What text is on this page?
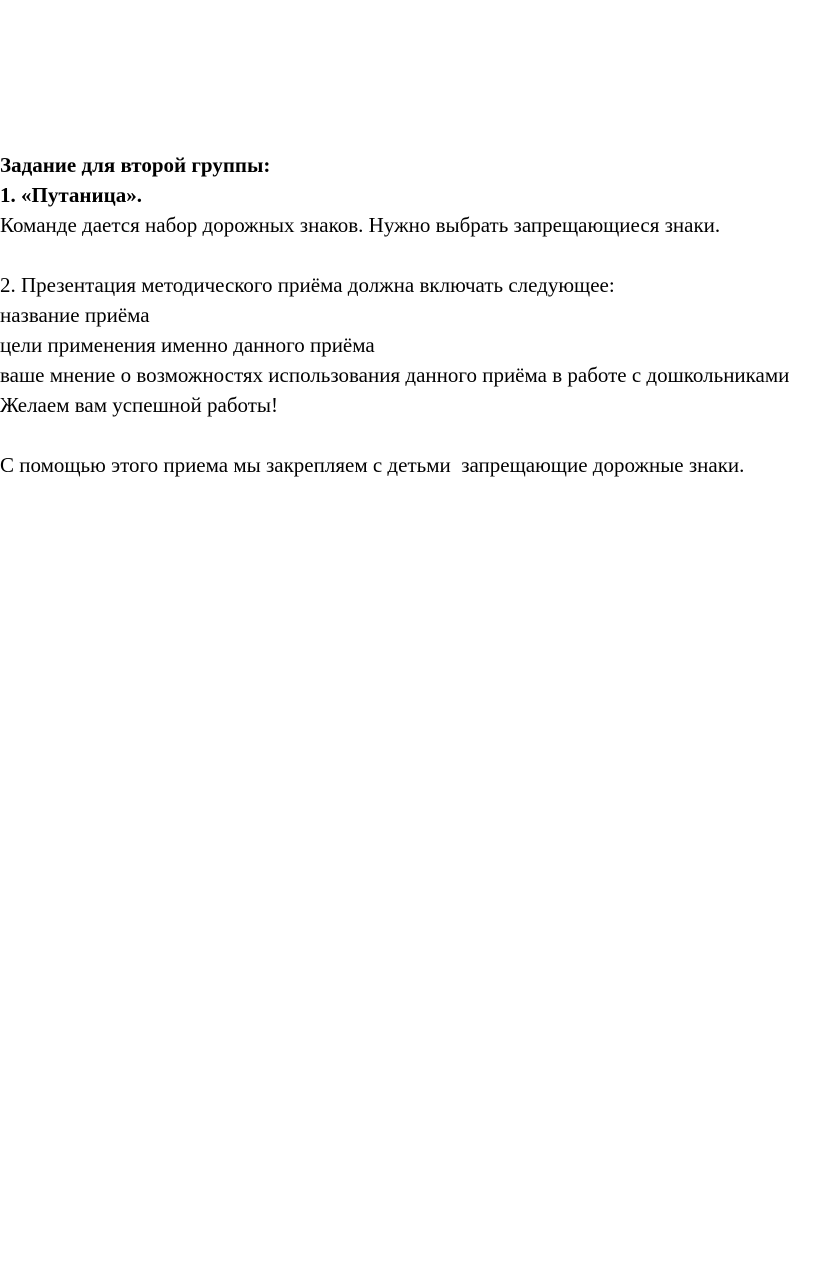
Задание для второй группы:
1. «Путаница».
Команде дается набор дорожных знаков. Нужно выбрать запрещающиеся знаки.
2. Презентация методического приёма должна включать следующее:
название приёма
цели применения именно данного приёма
ваше мнение о возможностях использования данного приёма в работе с дошкольниками
Желаем вам успешной работы!
С помощью этого приема мы закрепляем с детьми  запрещающие дорожные знаки.
